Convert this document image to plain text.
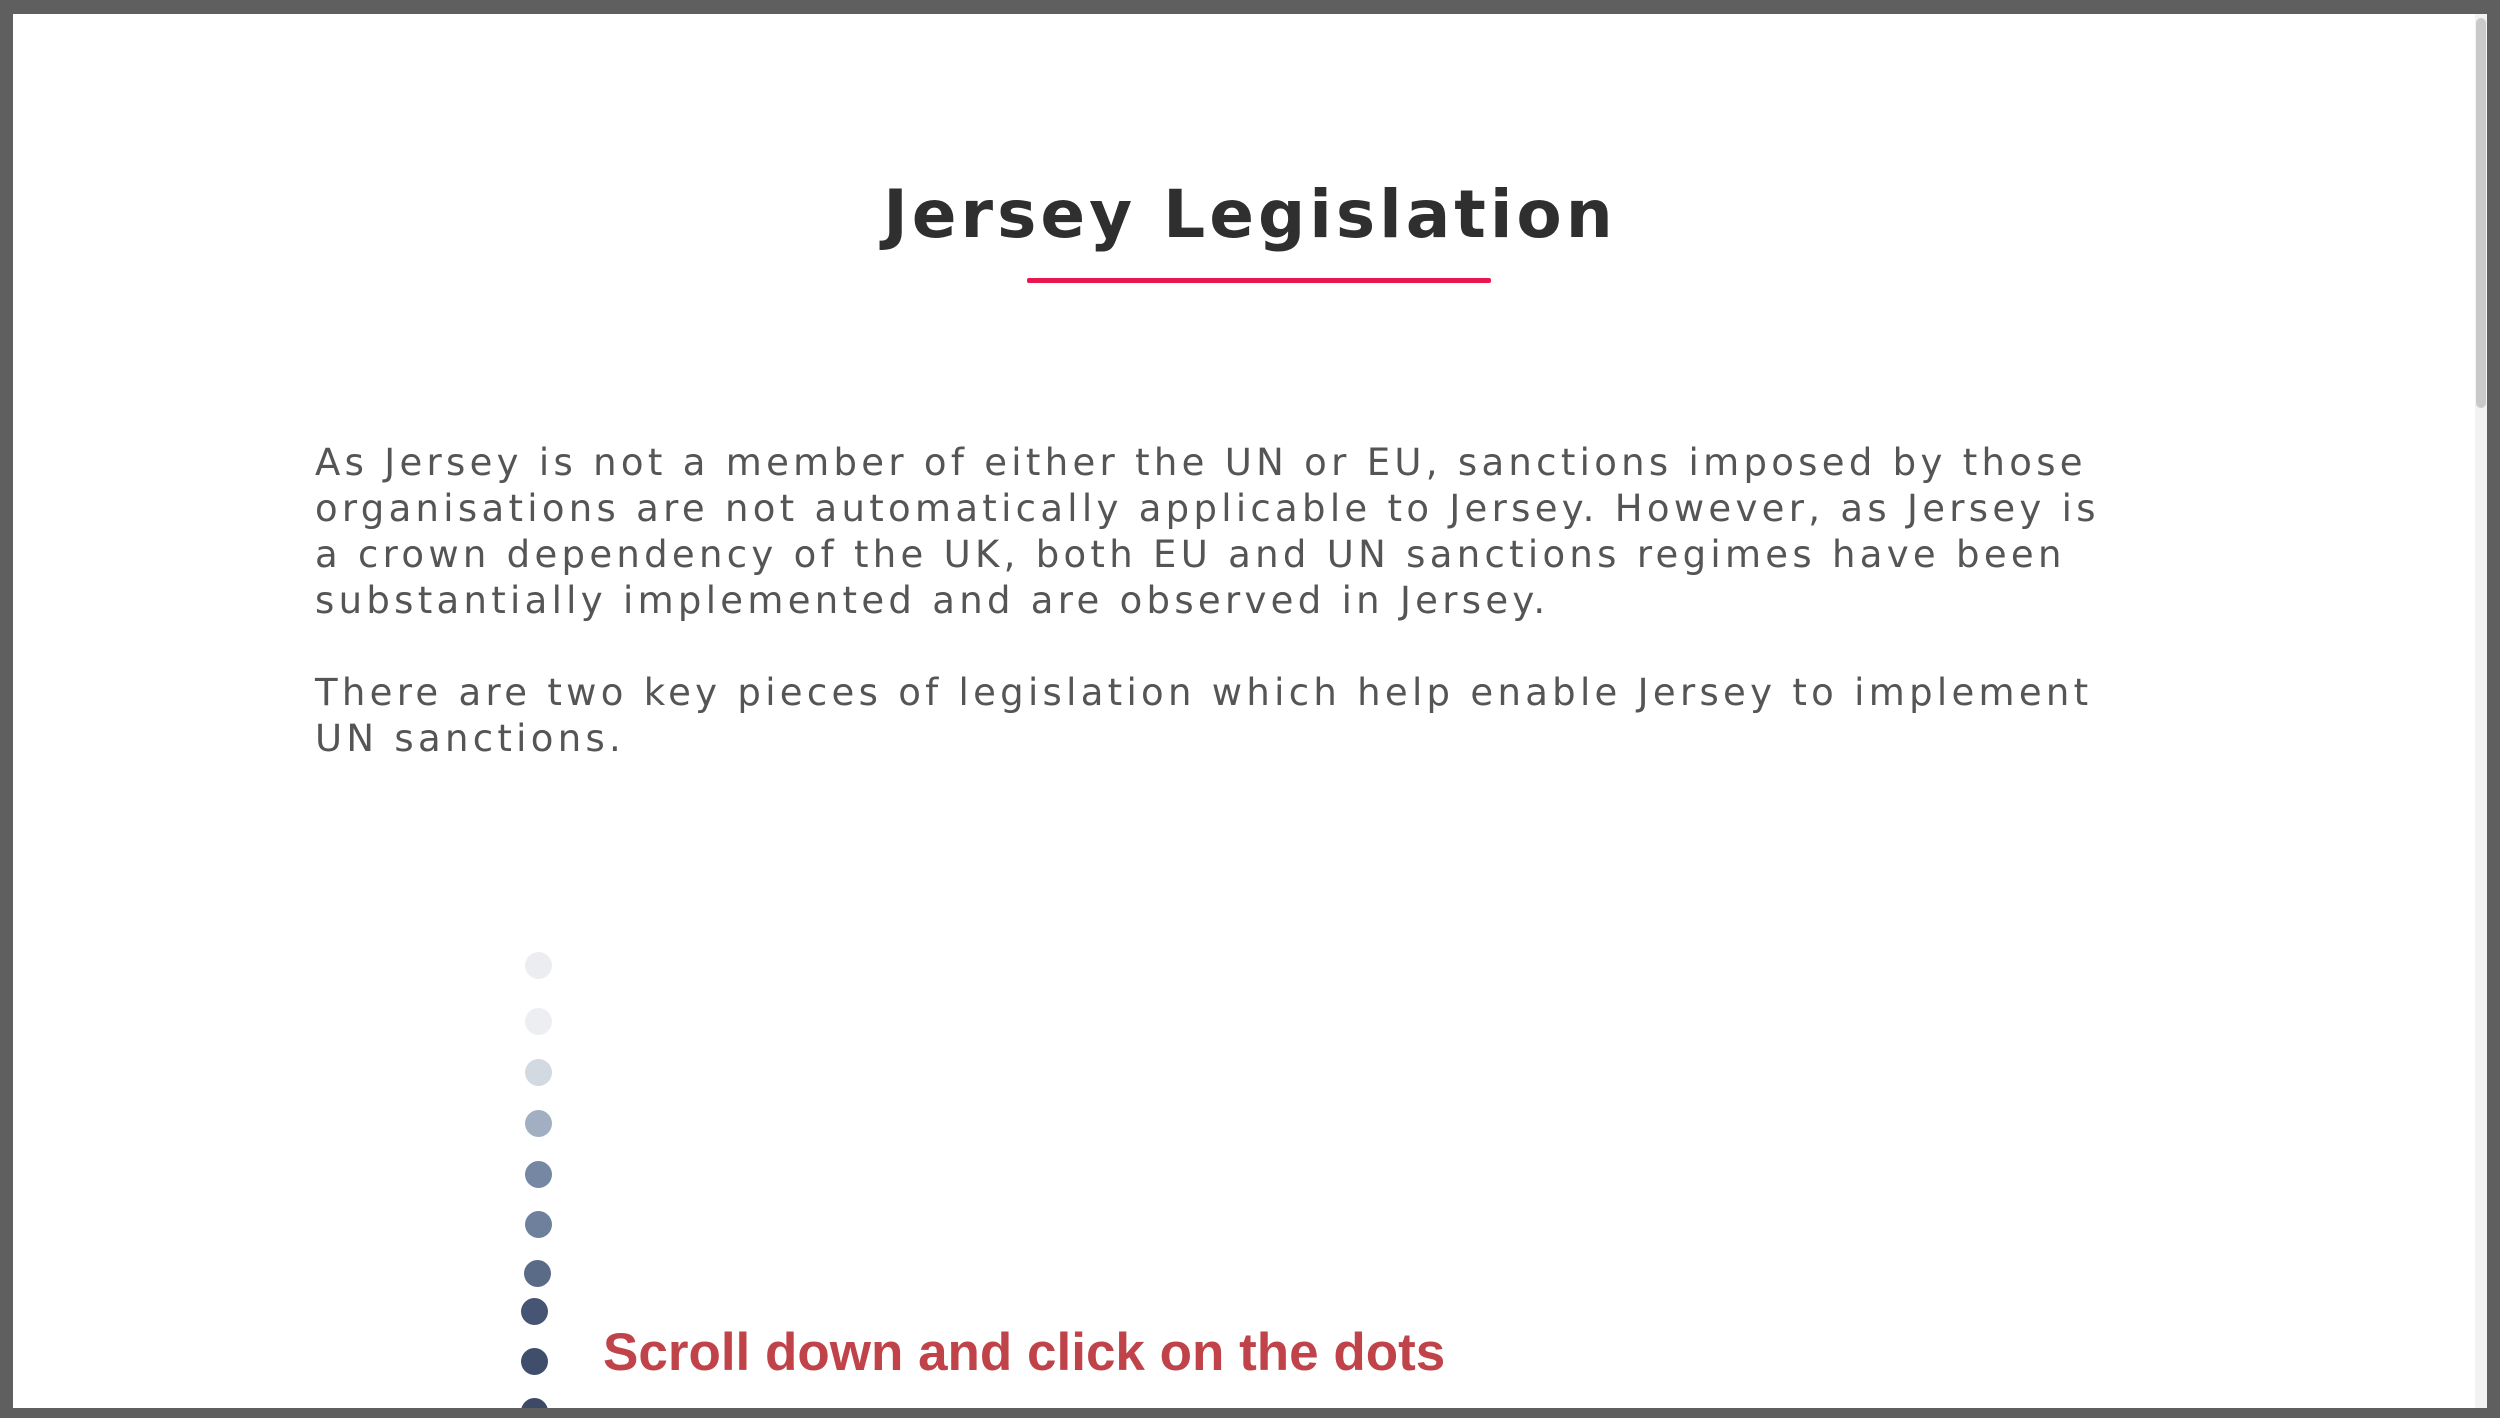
Jersey Legislation

As Jersey is not a member of either the UN or EU, sanctions imposed by those
organisations are not automatically applicable to Jersey. However, as Jersey is
a crown dependency of the UK, both EU and UN sanctions regimes have been
substantially implemented and are observed in Jersey.

There are two key pieces of legislation which help enable Jersey to implement
UN sanctions.

Scroll down and click on the dots
